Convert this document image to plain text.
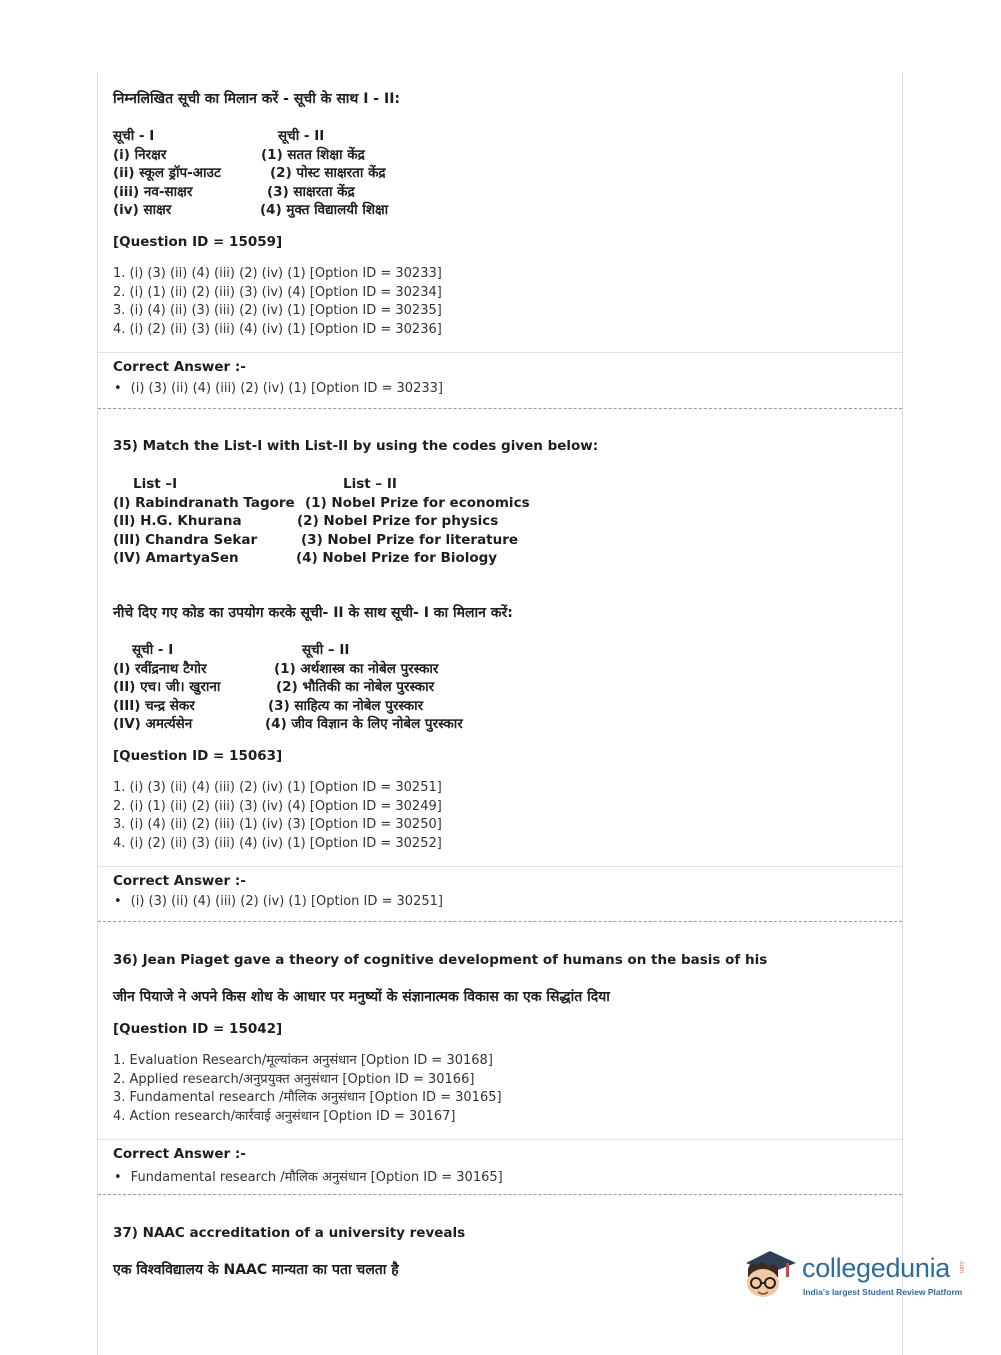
निम्नलिखित सूची का मिलान करें - सूची के साथ I - II:
सूची - I
(i) निरक्षर
(ii) स्कूल ड्रॉप-आउट
(iii) नव-साक्षर
(iv) साक्षर
सूची - II
(1) सतत शिक्षा केंद्र
(2) पोस्ट साक्षरता केंद्र
(3) साक्षरता केंद्र
(4) मुक्त विद्यालयी शिक्षा
[Question ID = 15059]
1. (i) (3) (ii) (4) (iii) (2) (iv) (1) [Option ID = 30233]
2. (i) (1) (ii) (2) (iii) (3) (iv) (4) [Option ID = 30234]
3. (i) (4) (ii) (3) (iii) (2) (iv) (1) [Option ID = 30235]
4. (i) (2) (ii) (3) (iii) (4) (iv) (1) [Option ID = 30236]
Correct Answer :-
• (i) (3) (ii) (4) (iii) (2) (iv) (1) [Option ID = 30233]
35) Match the List-I with List-II by using the codes given below:
List –I
(I) Rabindranath Tagore
(II) H.G. Khurana
(III) Chandra Sekar
(IV) AmartyaSen
List – II
(1) Nobel Prize for economics
(2) Nobel Prize for physics
(3) Nobel Prize for literature
(4) Nobel Prize for Biology
नीचे दिए गए कोड का उपयोग करके सूची- II के साथ सूची- I का मिलान करें:
सूची - I
(I) रवींद्रनाथ टैगोर
(II) एच। जी। खुराना
(III) चन्द्र सेकर
(IV) अमर्त्यसेन
सूची – II
(1) अर्थशास्त्र का नोबेल पुरस्कार
(2) भौतिकी का नोबेल पुरस्कार
(3) साहित्य का नोबेल पुरस्कार
(4) जीव विज्ञान के लिए नोबेल पुरस्कार
[Question ID = 15063]
1. (i) (3) (ii) (4) (iii) (2) (iv) (1) [Option ID = 30251]
2. (i) (1) (ii) (2) (iii) (3) (iv) (4) [Option ID = 30249]
3. (i) (4) (ii) (2) (iii) (1) (iv) (3) [Option ID = 30250]
4. (i) (2) (ii) (3) (iii) (4) (iv) (1) [Option ID = 30252]
Correct Answer :-
• (i) (3) (ii) (4) (iii) (2) (iv) (1) [Option ID = 30251]
36) Jean Piaget gave a theory of cognitive development of humans on the basis of his
जीन पियाजे ने अपने किस शोध के आधार पर मनुष्यों के संज्ञानात्मक विकास का एक सिद्धांत दिया
[Question ID = 15042]
1. Evaluation Research/मूल्यांकन अनुसंधान [Option ID = 30168]
2. Applied research/अनुप्रयुक्त अनुसंधान [Option ID = 30166]
3. Fundamental research /मौलिक अनुसंधान [Option ID = 30165]
4. Action research/कार्रवाई अनुसंधान [Option ID = 30167]
Correct Answer :-
• Fundamental research /मौलिक अनुसंधान [Option ID = 30165]
37) NAAC accreditation of a university reveals
एक विश्वविद्यालय के NAAC मान्यता का पता चलता है	collegedunia .com
India's largest Student Review Platform
